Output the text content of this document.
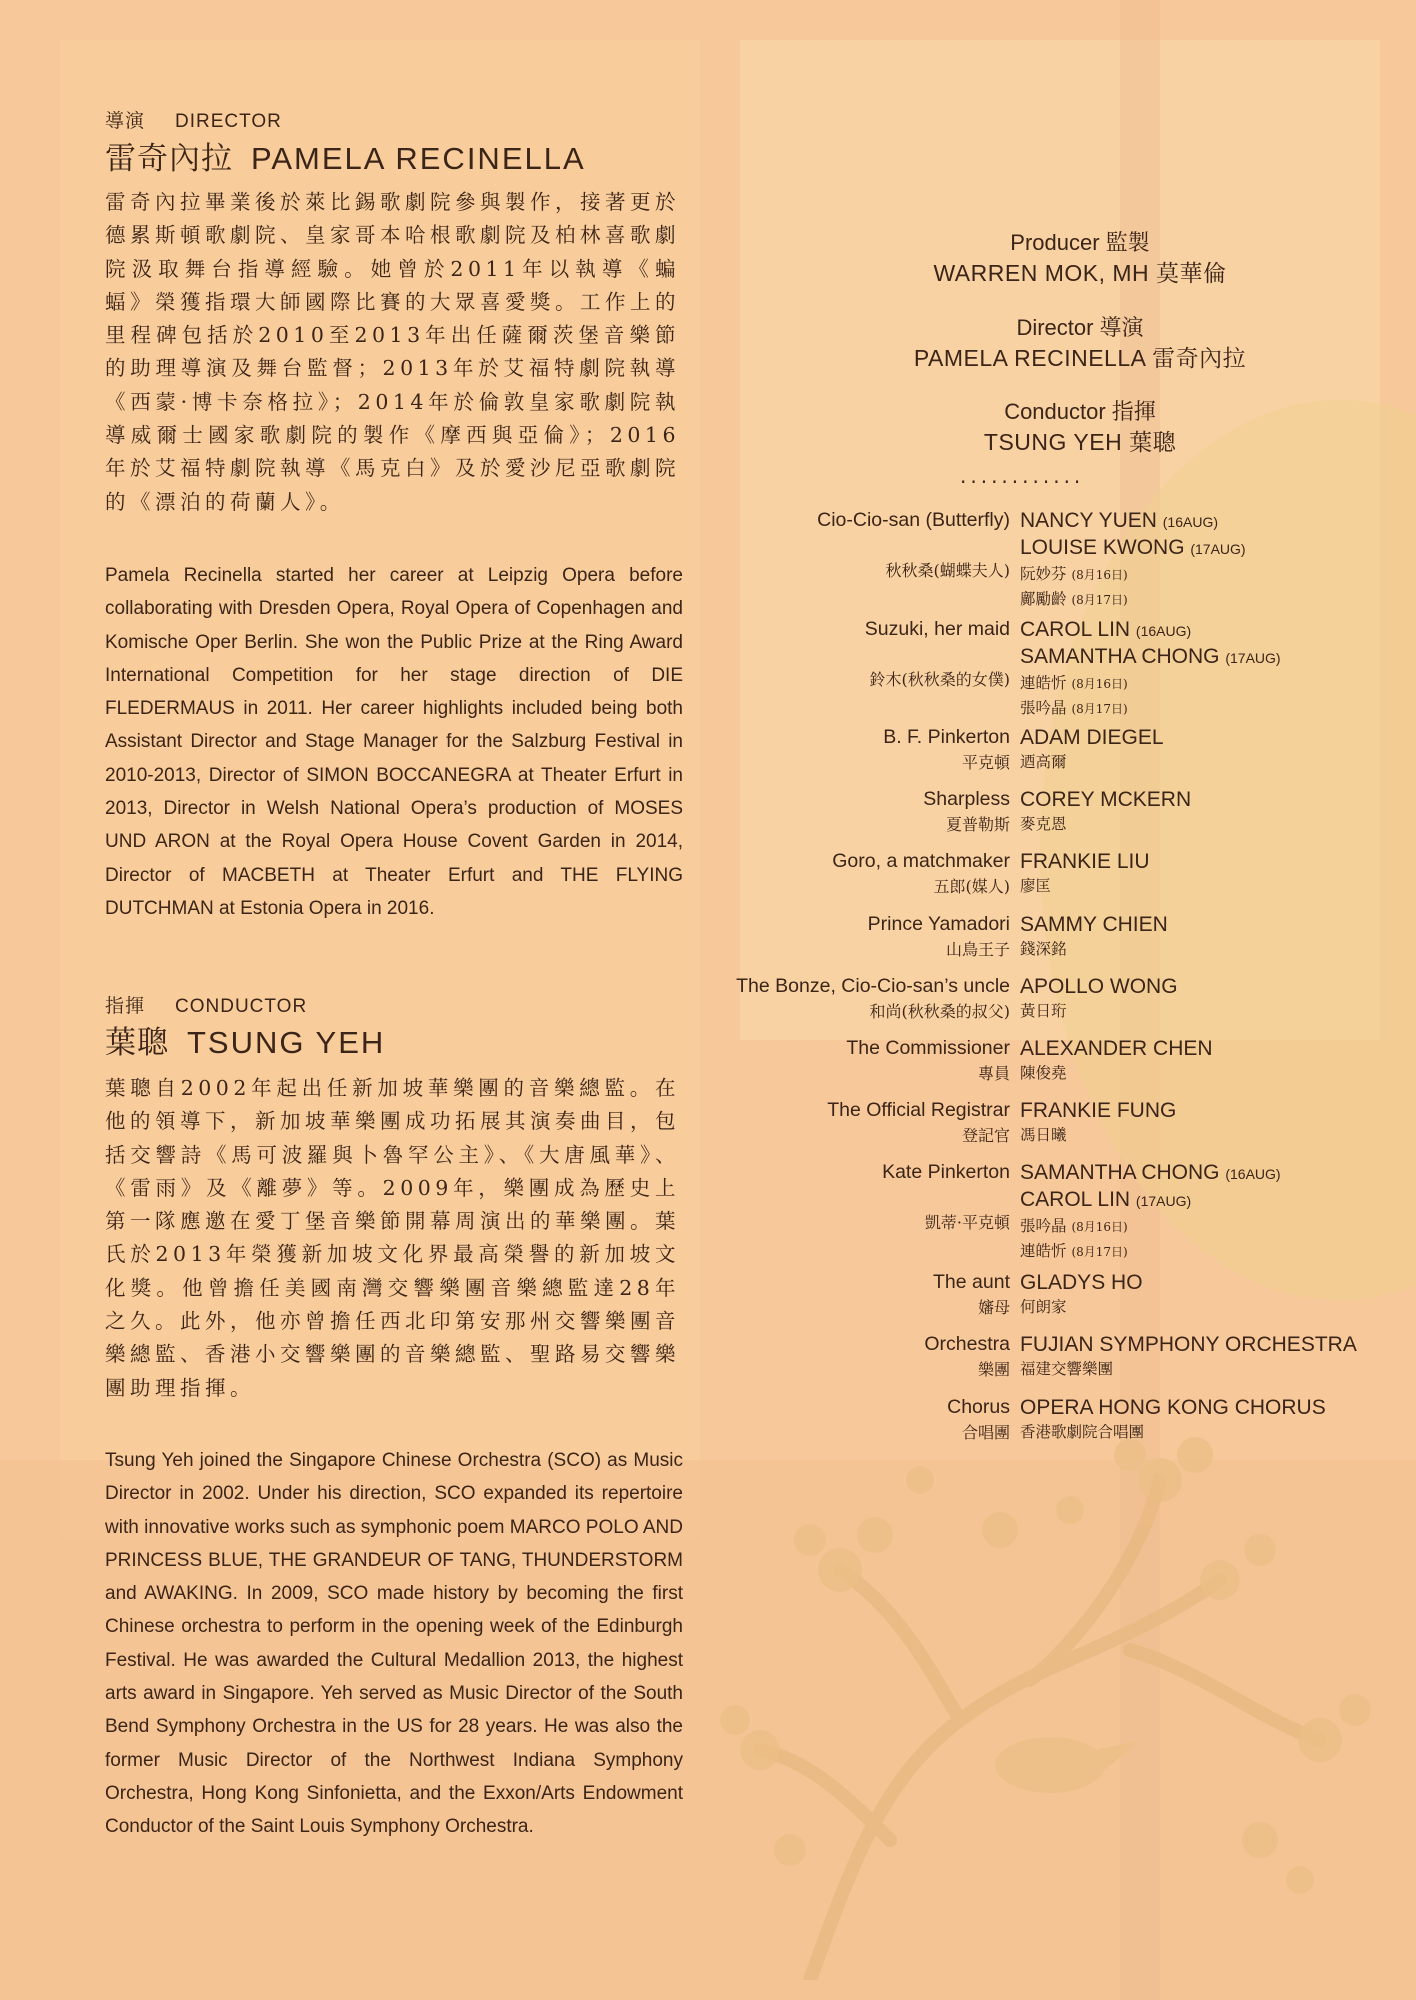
導演 DIRECTOR
雷奇內拉 PAMELA RECINELLA
雷奇內拉畢業後於萊比錫歌劇院參與製作，接著更於德累斯頓歌劇院、皇家哥本哈根歌劇院及柏林喜歌劇院汲取舞台指導經驗。她曾於2011年以執導《蝙蝠》榮獲指環大師國際比賽的大眾喜愛獎。工作上的里程碑包括於2010至2013年出任薩爾茨堡音樂節的助理導演及舞台監督；2013年於艾福特劇院執導《西蒙·博卡奈格拉》；2014年於倫敦皇家歌劇院執導威爾士國家歌劇院的製作《摩西與亞倫》；2016年於艾福特劇院執導《馬克白》及於愛沙尼亞歌劇院的《漂泊的荷蘭人》。
Pamela Recinella started her career at Leipzig Opera before collaborating with Dresden Opera, Royal Opera of Copenhagen and Komische Oper Berlin. She won the Public Prize at the Ring Award International Competition for her stage direction of DIE FLEDERMAUS in 2011. Her career highlights included being both Assistant Director and Stage Manager for the Salzburg Festival in 2010-2013, Director of SIMON BOCCANEGRA at Theater Erfurt in 2013, Director in Welsh National Opera’s production of MOSES UND ARON at the Royal Opera House Covent Garden in 2014, Director of MACBETH at Theater Erfurt and THE FLYING DUTCHMAN at Estonia Opera in 2016.
指揮 CONDUCTOR
葉聰 TSUNG YEH
葉聰自2002年起出任新加坡華樂團的音樂總監。在他的領導下，新加坡華樂團成功拓展其演奏曲目，包括交響詩《馬可波羅與卜魯罕公主》、《大唐風華》、《雷雨》及《離夢》等。2009年，樂團成為歷史上第一隊應邀在愛丁堡音樂節開幕周演出的華樂團。葉氏於2013年榮獲新加坡文化界最高榮譽的新加坡文化獎。他曾擔任美國南灣交響樂團音樂總監達28年之久。此外，他亦曾擔任西北印第安那州交響樂團音樂總監、香港小交響樂團的音樂總監、聖路易交響樂團助理指揮。
Tsung Yeh joined the Singapore Chinese Orchestra (SCO) as Music Director in 2002. Under his direction, SCO expanded its repertoire with innovative works such as symphonic poem MARCO POLO AND PRINCESS BLUE, THE GRANDEUR OF TANG, THUNDERSTORM and AWAKING. In 2009, SCO made history by becoming the first Chinese orchestra to perform in the opening week of the Edinburgh Festival. He was awarded the Cultural Medallion 2013, the highest arts award in Singapore. Yeh served as Music Director of the South Bend Symphony Orchestra in the US for 28 years. He was also the former Music Director of the Northwest Indiana Symphony Orchestra, Hong Kong Sinfonietta, and the Exxon/Arts Endowment Conductor of the Saint Louis Symphony Orchestra.
Producer 監製
WARREN MOK, MH 莫華倫
Director 導演
PAMELA RECINELLA 雷奇內拉
Conductor 指揮
TSUNG YEH 葉聰
............
Cio-Cio-san (Butterfly)

秋秋桑(蝴蝶夫人)
NANCY YUEN (16AUG)
LOUISE KWONG (17AUG)
阮妙芬 (8月16日)
鄺勵齡 (8月17日)
Suzuki, her maid

鈴木(秋秋桑的女僕)
CAROL LIN (16AUG)
SAMANTHA CHONG (17AUG)
連皓忻 (8月16日)
張吟晶 (8月17日)
B. F. Pinkerton
平克頓
ADAM DIEGEL
迺高爾
Sharpless
夏普勒斯
COREY MCKERN
麥克恩
Goro, a matchmaker
五郎(媒人)
FRANKIE LIU
廖匡
Prince Yamadori
山鳥王子
SAMMY CHIEN
錢深銘
The Bonze, Cio-Cio-san’s uncle
和尚(秋秋桑的叔父)
APOLLO WONG
黃日珩
The Commissioner
專員
ALEXANDER CHEN
陳俊堯
The Official Registrar
登記官
FRANKIE FUNG
馮日曦
Kate Pinkerton

凱蒂·平克頓
SAMANTHA CHONG (16AUG)
CAROL LIN (17AUG)
張吟晶 (8月16日)
連皓忻 (8月17日)
The aunt
嬸母
GLADYS HO
何朗家
Orchestra
樂團
FUJIAN SYMPHONY ORCHESTRA
福建交響樂團
Chorus
合唱團
OPERA HONG KONG CHORUS
香港歌劇院合唱團
